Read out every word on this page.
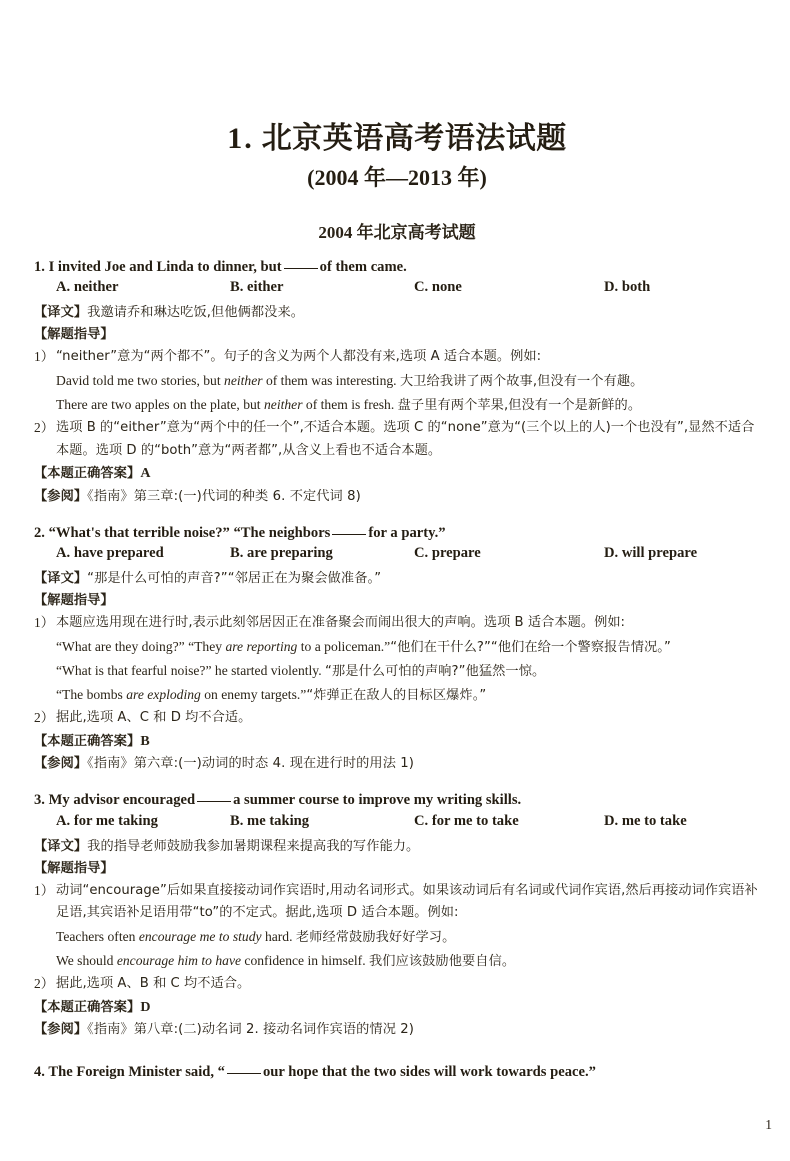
1. 北京英语高考语法试题
(2004 年—2013 年)
2004 年北京高考试题
1. I invited Joe and Linda to dinner, but	of them came.
A. neither	B. either	C. none	D. both
【译文】我邀请乔和琳达吃饭,但他俩都没来。
【解题指导】
1） “neither”意为“两个都不”。句子的含义为两个人都没有来,选项 A 适合本题。例如:
David told me two stories, but neither of them was interesting. 大卫给我讲了两个故事,但没有一个有趣。
There are two apples on the plate, but neither of them is fresh. 盘子里有两个苹果,但没有一个是新鲜的。
2） 选项 B 的“either”意为“两个中的任一个”,不适合本题。选项 C 的“none”意为“(三个以上的人)一个也没有”,显然不适合本题。选项 D 的“both”意为“两者都”,从含义上看也不适合本题。
【本题正确答案】A
【参阅】《指南》第三章:(一)代词的种类 6. 不定代词 8)
2. “What's that terrible noise?” “The neighbors	for a party.”
A. have prepared	B. are preparing	C. prepare	D. will prepare
【译文】“那是什么可怕的声音?”“邻居正在为聚会做准备。”
【解题指导】
1） 本题应选用现在进行时,表示此刻邻居因正在准备聚会而闹出很大的声响。选项 B 适合本题。例如:
“What are they doing?” “They are reporting to a policeman.”“他们在干什么?”“他们在给一个警察报告情况。”
“What is that fearful noise?” he started violently. “那是什么可怕的声响?”他猛然一惊。
“The bombs are exploding on enemy targets.”“炸弹正在敌人的目标区爆炸。”
2） 据此,选项 A、C 和 D 均不合适。
【本题正确答案】B
【参阅】《指南》第六章:(一)动词的时态 4. 现在进行时的用法 1)
3. My advisor encouraged	a summer course to improve my writing skills.
A. for me taking	B. me taking	C. for me to take	D. me to take
【译文】我的指导老师鼓励我参加暑期课程来提高我的写作能力。
【解题指导】
1） 动词“encourage”后如果直接接动词作宾语时,用动名词形式。如果该动词后有名词或代词作宾语,然后再接动词作宾语补足语,其宾语补足语用带“to”的不定式。据此,选项 D 适合本题。例如:
Teachers often encourage me to study hard. 老师经常鼓励我好好学习。
We should encourage him to have confidence in himself. 我们应该鼓励他要自信。
2） 据此,选项 A、B 和 C 均不适合。
【本题正确答案】D
【参阅】《指南》第八章:(二)动名词 2. 接动名词作宾语的情况 2)
4. The Foreign Minister said, “	our hope that the two sides will work towards peace.”
1
